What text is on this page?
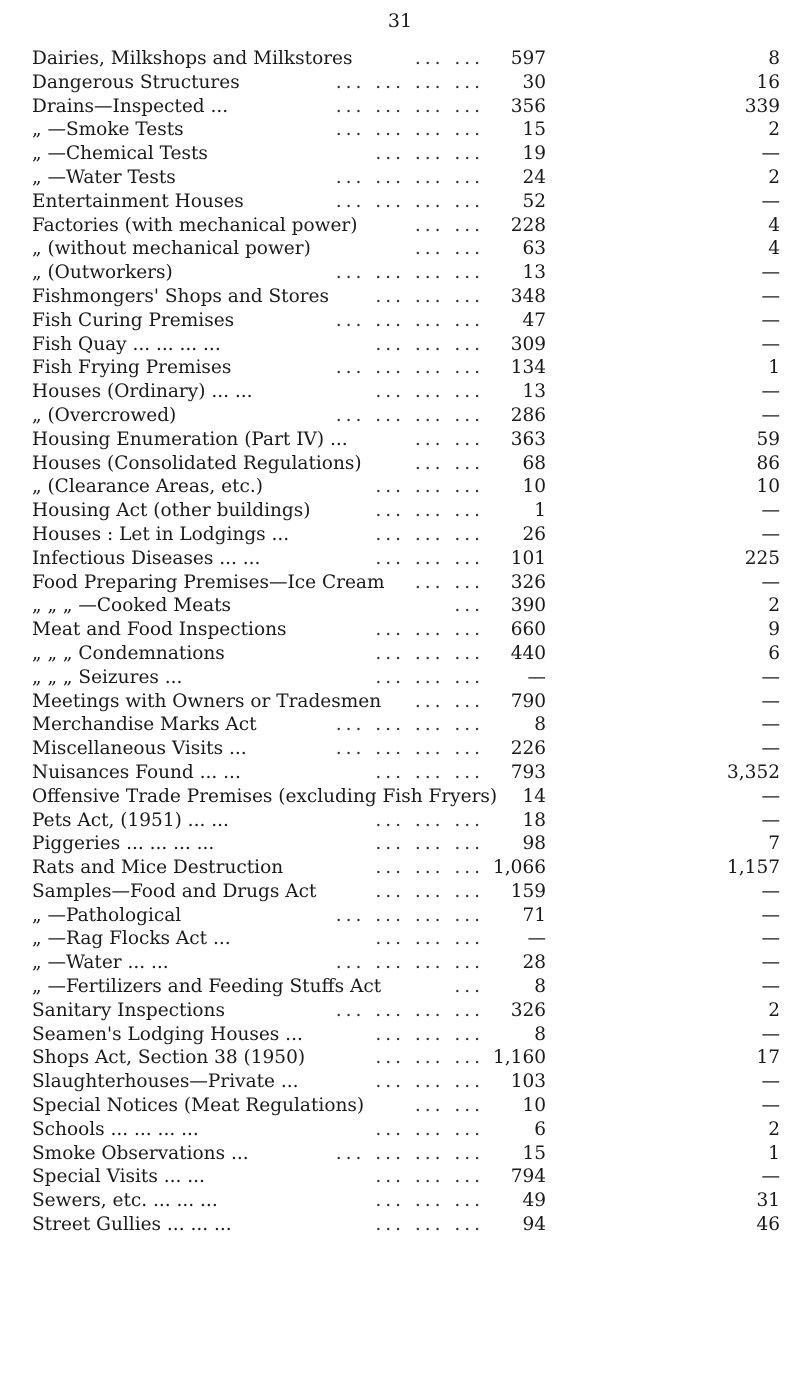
31
Dairies, Milkshops and Milkstores	... ... 597	8
Dangerous Structures	... ... ... ... 30	16
Drains—Inspected ...	... ... ... ... 356	339
„ —Smoke Tests	... ... ... ... 15	2
„ —Chemical Tests	... ... ... 19	—
„ —Water Tests	... ... ... ... 24	2
Entertainment Houses	... ... ... ... 52	—
Factories (with mechanical power)	... ... 228	4
„ (without mechanical power)	... ... 63	4
„ (Outworkers)	... ... ... ... 13	—
Fishmongers' Shops and Stores	... ... ... 348	—
Fish Curing Premises	... ... ... ... 47	—
Fish Quay ... ... ... ...	... ... ... 309	—
Fish Frying Premises	... ... ... ... 134	1
Houses (Ordinary) ... ...	... ... ... 13	—
„ (Overcrowed)	... ... ... ... 286	—
Housing Enumeration (Part IV) ...	... ... 363	59
Houses (Consolidated Regulations)	... ... 68	86
„ (Clearance Areas, etc.)	... ... ... 10	10
Housing Act (other buildings)	... ... ...	1	—
Houses : Let in Lodgings ...	... ... ... 26	—
Infectious Diseases ... ...	... ... ... 101	225
Food Preparing Premises—Ice Cream	... ... 326	—
„ „ „ —Cooked Meats	... 390	2
Meat and Food Inspections	... ... ... 660	9
„ „ „ Condemnations	... ... ... 440	6
„ „ „ Seizures ...	... ... ... —	—
Meetings with Owners or Tradesmen	... ... 790	—
Merchandise Marks Act	... ... ... ...	8	—
Miscellaneous Visits ...	... ... ... ... 226	—
Nuisances Found ... ...	... ... ... 793	3,352
Offensive Trade Premises (excluding Fish Fryers) 14	—
Pets Act, (1951) ... ...	... ... ... 18	—
Piggeries ... ... ... ...	... ... ... 98	7
Rats and Mice Destruction	... ... ... 1,066	1,157
Samples—Food and Drugs Act	... ... ... 159	—
„ —Pathological	... ... ... ... 71	—
„ —Rag Flocks Act ...	... ... ... —	—
„ —Water ... ...	... ... ... ... 28	—
„ —Fertilizers and Feeding Stuffs Act	...	8	—
Sanitary Inspections	... ... ... ... 326	2
Seamen's Lodging Houses ...	... ... ...	8	—
Shops Act, Section 38 (1950)	... ... ... 1,160	17
Slaughterhouses—Private ...	... ... ... 103	—
Special Notices (Meat Regulations)	... ... 10	—
Schools ... ... ... ...	... ... ...	6	2
Smoke Observations ...	... ... ... ... 15	1
Special Visits ... ...	... ... ... 794	—
Sewers, etc. ... ... ...	... ... ... 49	31
Street Gullies ... ... ...	... ... ... 94	46
